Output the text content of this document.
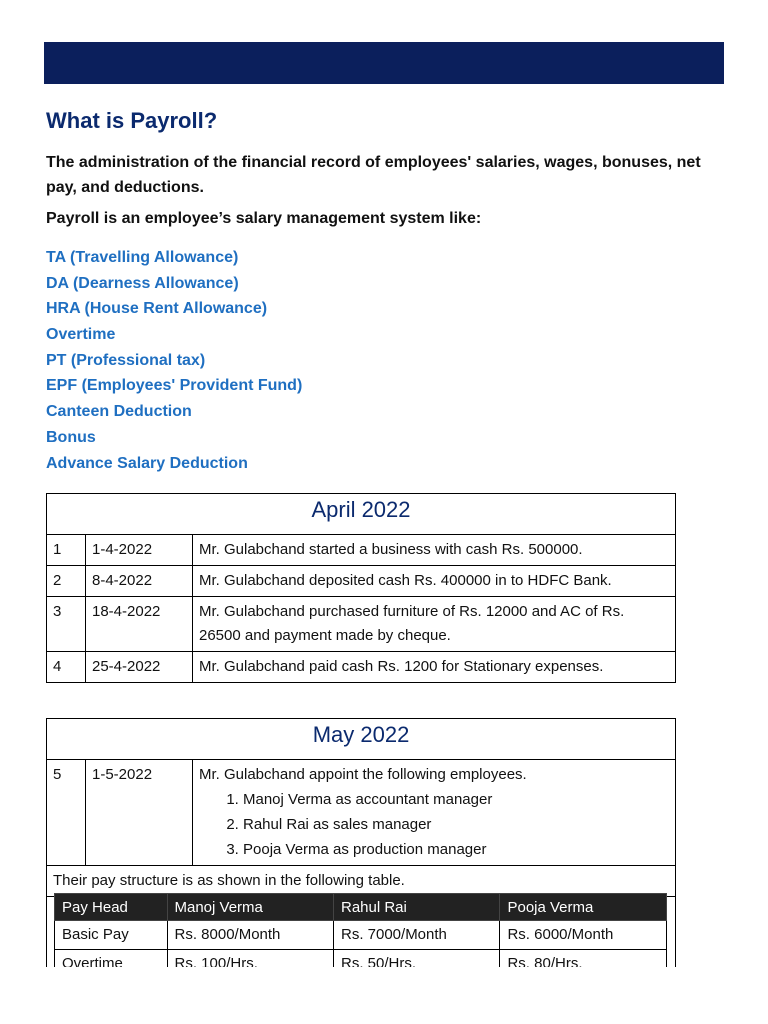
What is Payroll?
The administration of the financial record of employees' salaries, wages, bonuses, net pay, and deductions.
Payroll is an employee’s salary management system like:
TA (Travelling Allowance)
DA (Dearness Allowance)
HRA (House Rent Allowance)
Overtime
PT (Professional tax)
EPF (Employees' Provident Fund)
Canteen Deduction
Bonus
Advance Salary Deduction
April 2022		
1	1-4-2022	Mr. Gulabchand started a business with cash Rs. 500000.
2	8-4-2022	Mr. Gulabchand deposited cash Rs. 400000 in to HDFC Bank.
3	18-4-2022	Mr. Gulabchand purchased furniture of Rs. 12000 and AC of Rs. 26500 and payment made by cheque.
4	25-4-2022	Mr. Gulabchand paid cash Rs. 1200 for Stationary expenses.
May 2022
5	1-5-2022	Mr. Gulabchand appoint the following employees.
1. Manoj Verma as accountant manager
2. Rahul Rai as sales manager
3. Pooja Verma as production manager

Their pay structure is as shown in the following table.
Pay Head	Manoj Verma	Rahul Rai	Pooja Verma
Basic Pay	Rs. 8000/Month	Rs. 7000/Month	Rs. 6000/Month
Overtime	Rs. 100/Hrs.	Rs. 50/Hrs.	Rs. 80/Hrs.
